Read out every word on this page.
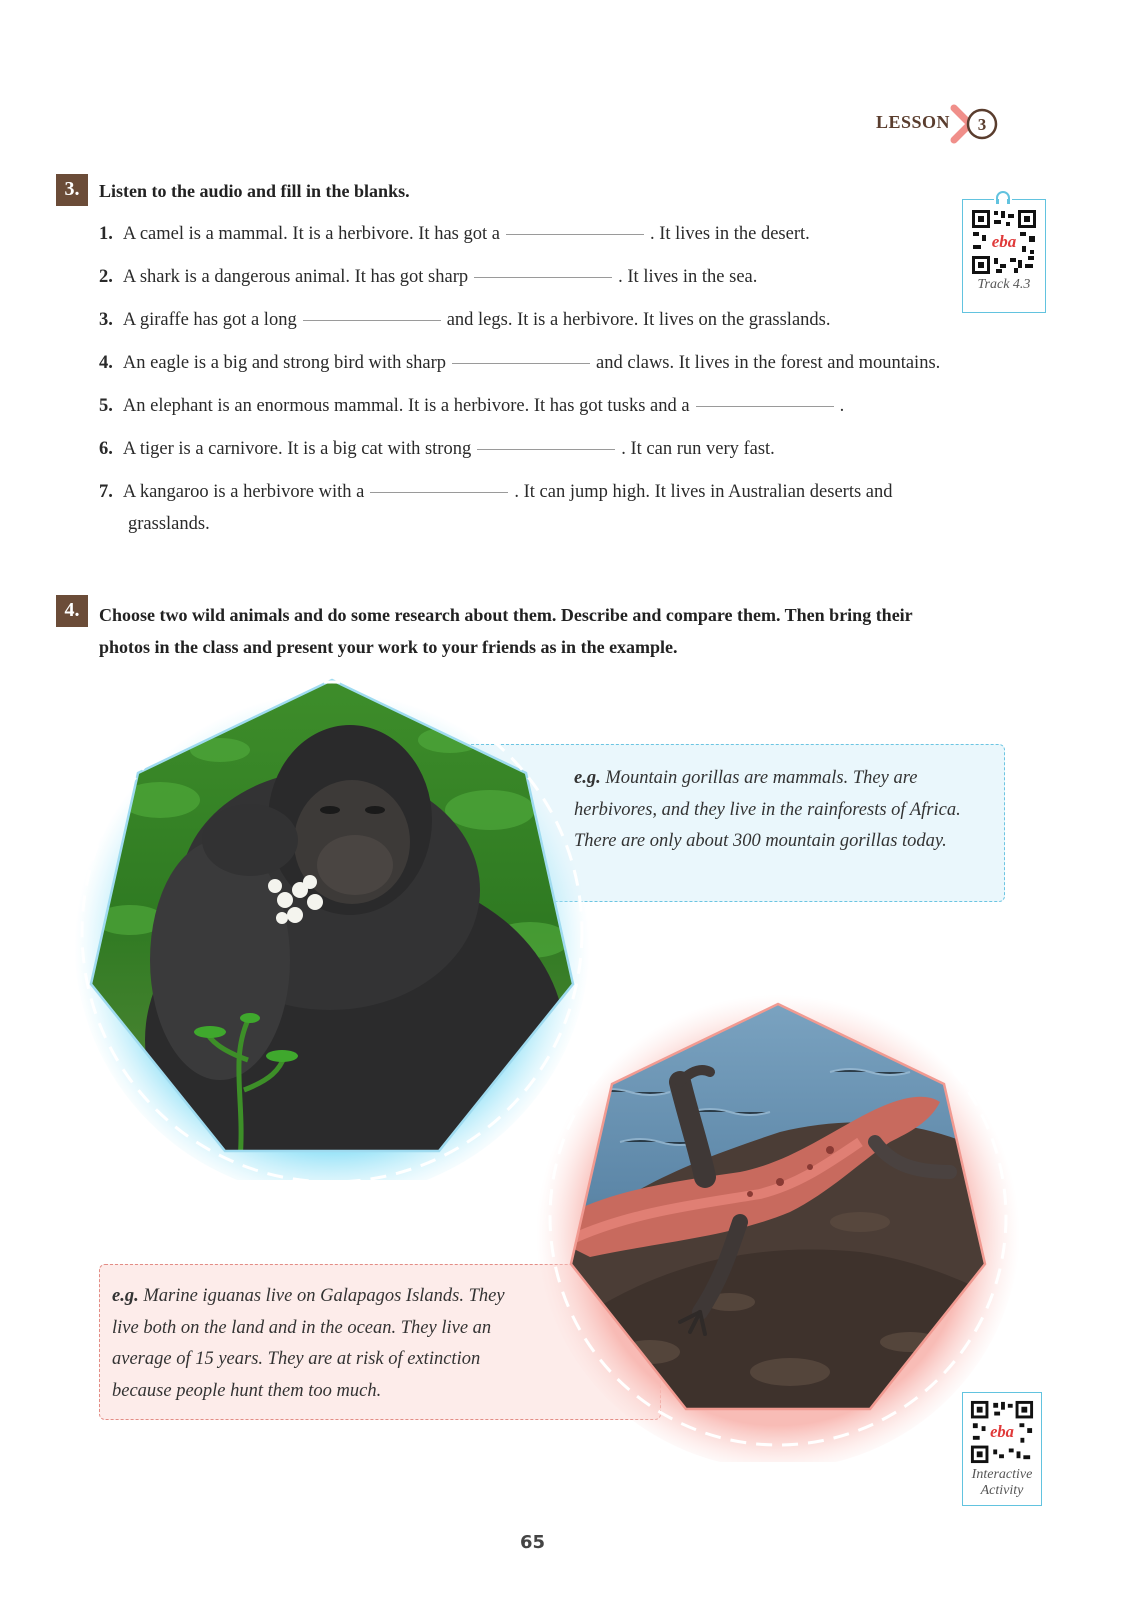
LESSON 3
3.	Listen to the audio and fill in the blanks.
1. A camel is a mammal. It is a herbivore. It has got a	. It lives in the desert.
2. A shark is a dangerous animal. It has got sharp	. It lives in the sea.
3. A giraffe has got a long	and legs. It is a herbivore. It lives on the grasslands.
4. An eagle is a big and strong bird with sharp	and claws. It lives in the forest and mountains.
5. An elephant is an enormous mammal. It is a herbivore. It has got tusks and a	.
6. A tiger is a carnivore. It is a big cat with strong	. It can run very fast.
7. A kangaroo is a herbivore with a	. It can jump high. It lives in Australian deserts and
grasslands.
eba
Track 4.3
4.	Choose two wild animals and do some research about them. Describe and compare them. Then bring their
photos in the class and present your work to your friends as in the example.
e.g. Mountain gorillas are mammals. They are
herbivores, and they live in the rainforests of Africa.
There are only about 300 mountain gorillas today.
e.g. Marine iguanas live on Galapagos Islands. They
live both on the land and in the ocean. They live an
average of 15 years. They are at risk of extinction
because people hunt them too much.
eba
Interactive
Activity
65
